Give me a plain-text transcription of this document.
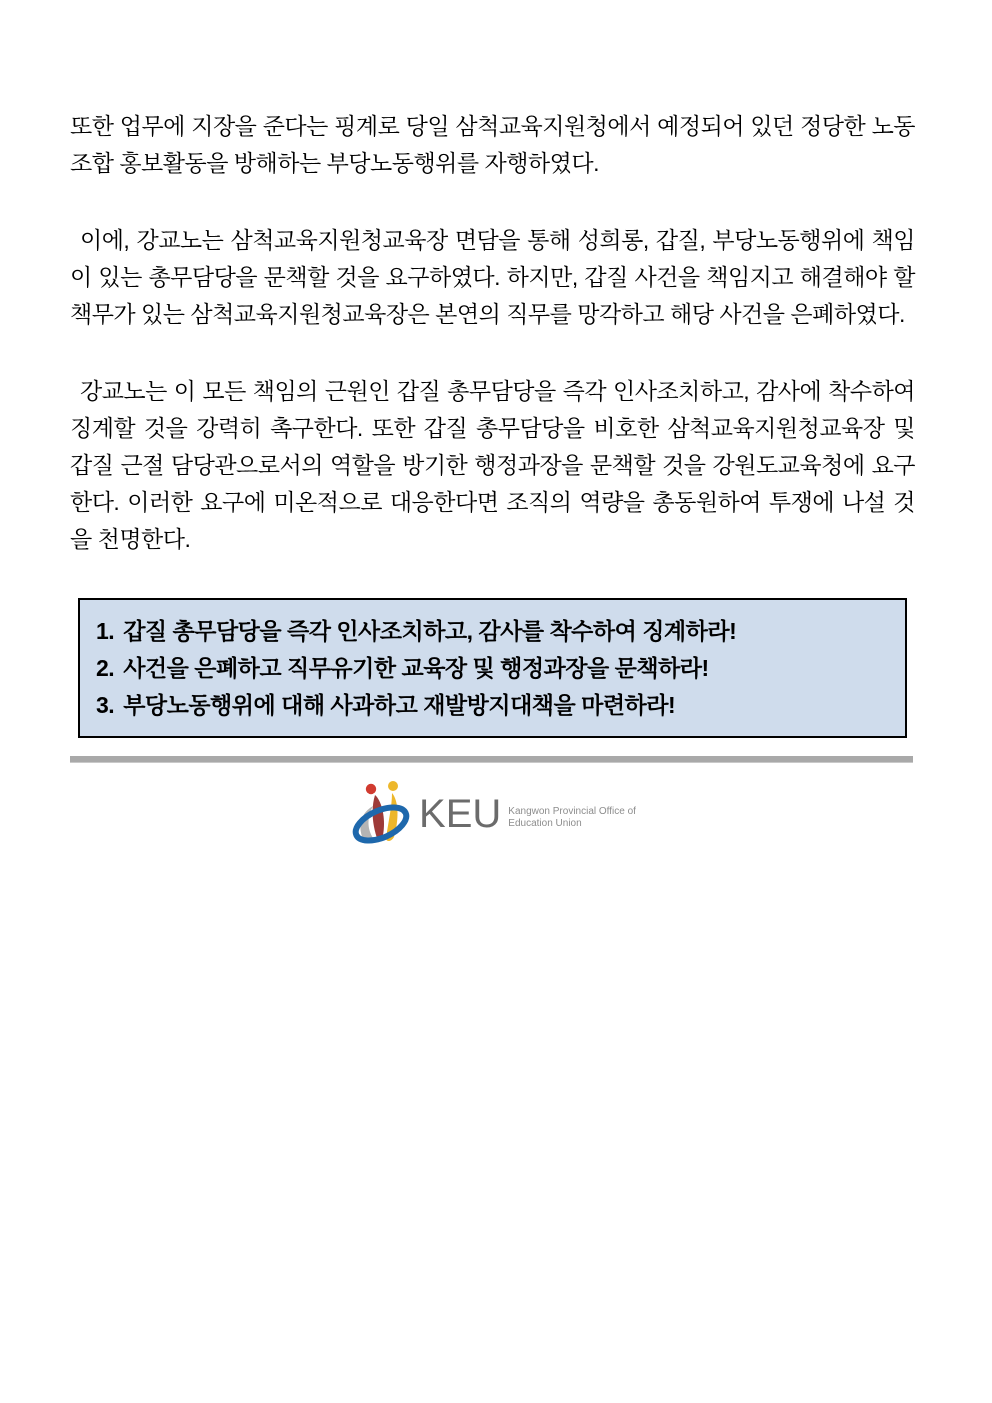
또한 업무에 지장을 준다는 핑계로 당일 삼척교육지원청에서 예정되어 있던 정당한 노동조합 홍보활동을 방해하는 부당노동행위를 자행하였다.

이에, 강교노는 삼척교육지원청교육장 면담을 통해 성희롱, 갑질, 부당노동행위에 책임이 있는 총무담당을 문책할 것을 요구하였다. 하지만, 갑질 사건을 책임지고 해결해야 할 책무가 있는 삼척교육지원청교육장은 본연의 직무를 망각하고 해당 사건을 은폐하였다.

강교노는 이 모든 책임의 근원인 갑질 총무담당을 즉각 인사조치하고, 감사에 착수하여 징계할 것을 강력히 촉구한다. 또한 갑질 총무담당을 비호한 삼척교육지원청교육장 및 갑질 근절 담당관으로서의 역할을 방기한 행정과장을 문책할 것을 강원도교육청에 요구한다. 이러한 요구에 미온적으로 대응한다면 조직의 역량을 총동원하여 투쟁에 나설 것을 천명한다.

1. 갑질 총무담당을 즉각 인사조치하고, 감사를 착수하여 징계하라!
2. 사건을 은폐하고 직무유기한 교육장 및 행정과장을 문책하라!
3. 부당노동행위에 대해 사과하고 재발방지대책을 마련하라!
KEU Kangwon Provincial Office of
Education Union
